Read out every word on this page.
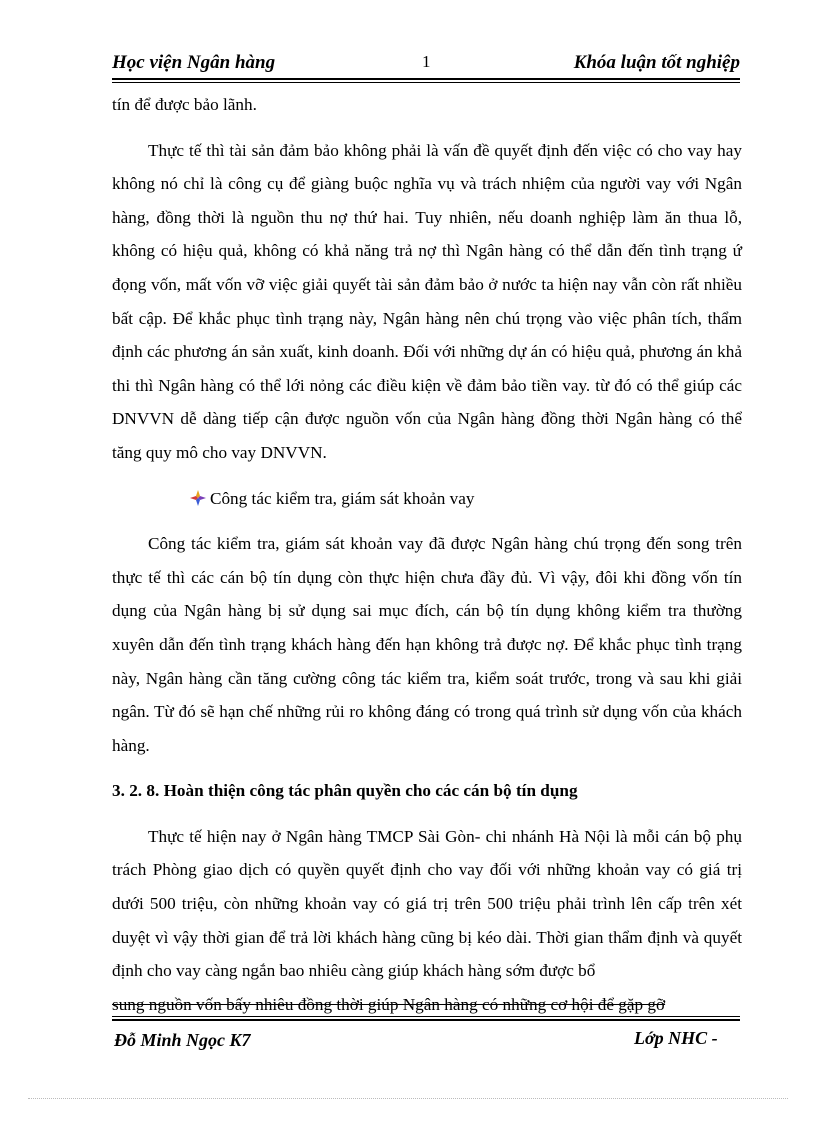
Học viện Ngân hàng	1	Khóa luận tốt nghiệp

tín để được bảo lãnh.

Thực tế thì tài sản đảm bảo không phải là vấn đề quyết định đến việc có cho vay hay không nó chỉ là công cụ để giàng buộc nghĩa vụ và trách nhiệm của người vay với Ngân hàng, đồng thời là nguồn thu nợ thứ hai. Tuy nhiên, nếu doanh nghiệp làm ăn thua lỗ, không có hiệu quả, không có khả năng trả nợ thì Ngân hàng có thể dẫn đến tình trạng ứ đọng vốn, mất vốn vỡ việc giải quyết tài sản đảm bảo ở nước ta hiện nay vẫn còn rất nhiều bất cập. Để khắc phục tình trạng này, Ngân hàng nên chú trọng vào việc phân tích, thẩm định các phương án sản xuất, kinh doanh. Đối với những dự án có hiệu quả, phương án khả thi thì Ngân hàng có thể lới nỏng các điều kiện về đảm bảo tiền vay. từ đó có thể giúp các DNVVN dễ dàng tiếp cận được nguồn vốn của Ngân hàng đồng thời Ngân hàng có thể tăng quy mô cho vay DNVVN.

Công tác kiểm tra, giám sát khoản vay

Công tác kiểm tra, giám sát khoản vay đã được Ngân hàng chú trọng đến song trên thực tế thì các cán bộ tín dụng còn thực hiện chưa đầy đủ. Vì vậy, đôi khi đồng vốn tín dụng của Ngân hàng bị sử dụng sai mục đích, cán bộ tín dụng không kiểm tra thường xuyên dẫn đến tình trạng khách hàng đến hạn không trả được nợ. Để khắc phục tình trạng này, Ngân hàng cần tăng cường công tác kiểm tra, kiểm soát trước, trong và sau khi giải ngân. Từ đó sẽ hạn chế những rủi ro không đáng có trong quá trình sử dụng vốn của khách hàng.

3. 2. 8. Hoàn thiện công tác phân quyền cho các cán bộ tín dụng

Thực tế hiện nay ở Ngân hàng TMCP Sài Gòn- chi nhánh Hà Nội là mỗi cán bộ phụ trách Phòng giao dịch có quyền quyết định cho vay đối với những khoản vay có giá trị dưới 500 triệu, còn những khoản vay có giá trị trên 500 triệu phải trình lên cấp trên xét duyệt vì vậy thời gian để trả lời khách hàng cũng bị kéo dài. Thời gian thẩm định và quyết định cho vay càng ngắn bao nhiêu càng giúp khách hàng sớm được bổ

sung nguồn vốn bấy nhiêu đồng thời giúp Ngân hàng có những cơ hội để gặp gỡ

Đỗ Minh Ngọc K7	Lớp NHC -
